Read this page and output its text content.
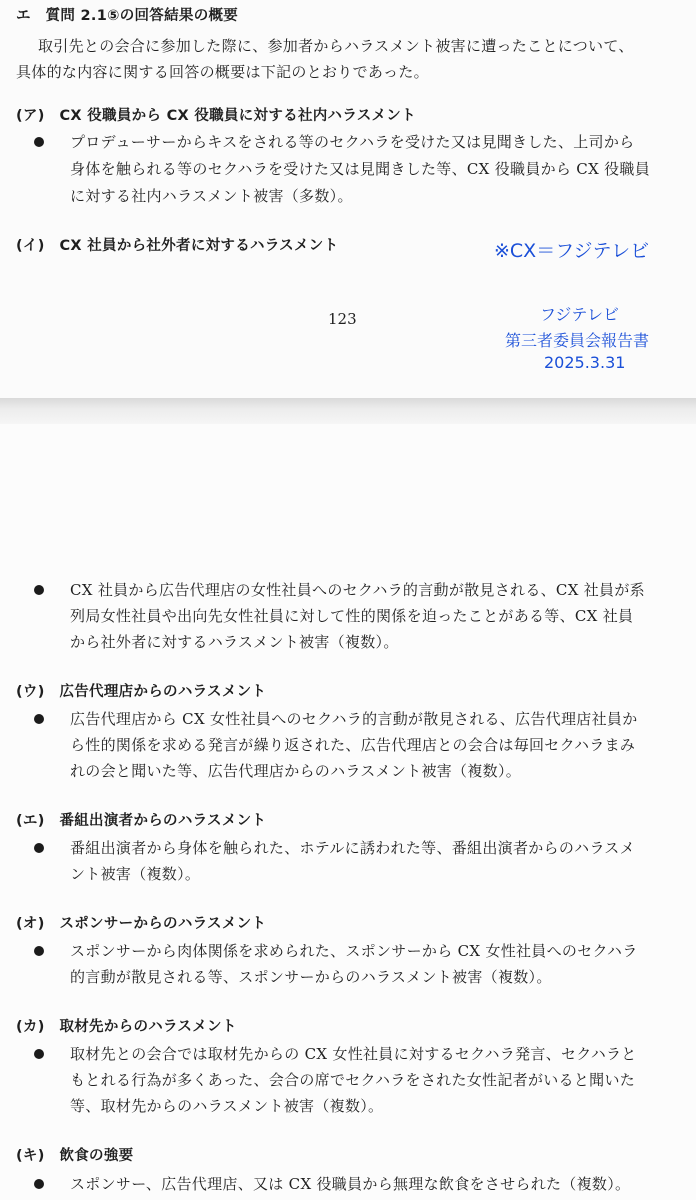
エ　質問 2.1⑤の回答結果の概要
取引先との会合に参加した際に、参加者からハラスメント被害に遭ったことについて、
具体的な内容に関する回答の概要は下記のとおりであった。
(ア)　CX 役職員から CX 役職員に対する社内ハラスメント
プロデューサーからキスをされる等のセクハラを受けた又は見聞きした、上司から
身体を触られる等のセクハラを受けた又は見聞きした等、CX 役職員から CX 役職員
に対する社内ハラスメント被害（多数）。
(イ)　CX 社員から社外者に対するハラスメント	※CX＝フジテレビ
123	フジテレビ
第三者委員会報告書
2025.3.31
CX 社員から広告代理店の女性社員へのセクハラ的言動が散見される、CX 社員が系
列局女性社員や出向先女性社員に対して性的関係を迫ったことがある等、CX 社員
から社外者に対するハラスメント被害（複数）。
(ウ)　広告代理店からのハラスメント
広告代理店から CX 女性社員へのセクハラ的言動が散見される、広告代理店社員か
ら性的関係を求める発言が繰り返された、広告代理店との会合は毎回セクハラまみ
れの会と聞いた等、広告代理店からのハラスメント被害（複数）。
(エ)　番組出演者からのハラスメント
番組出演者から身体を触られた、ホテルに誘われた等、番組出演者からのハラスメ
ント被害（複数）。
(オ)　スポンサーからのハラスメント
スポンサーから肉体関係を求められた、スポンサーから CX 女性社員へのセクハラ
的言動が散見される等、スポンサーからのハラスメント被害（複数）。
(カ)　取材先からのハラスメント
取材先との会合では取材先からの CX 女性社員に対するセクハラ発言、セクハラと
もとれる行為が多くあった、会合の席でセクハラをされた女性記者がいると聞いた
等、取材先からのハラスメント被害（複数）。
(キ)　飲食の強要
スポンサー、広告代理店、又は CX 役職員から無理な飲食をさせられた（複数）。
